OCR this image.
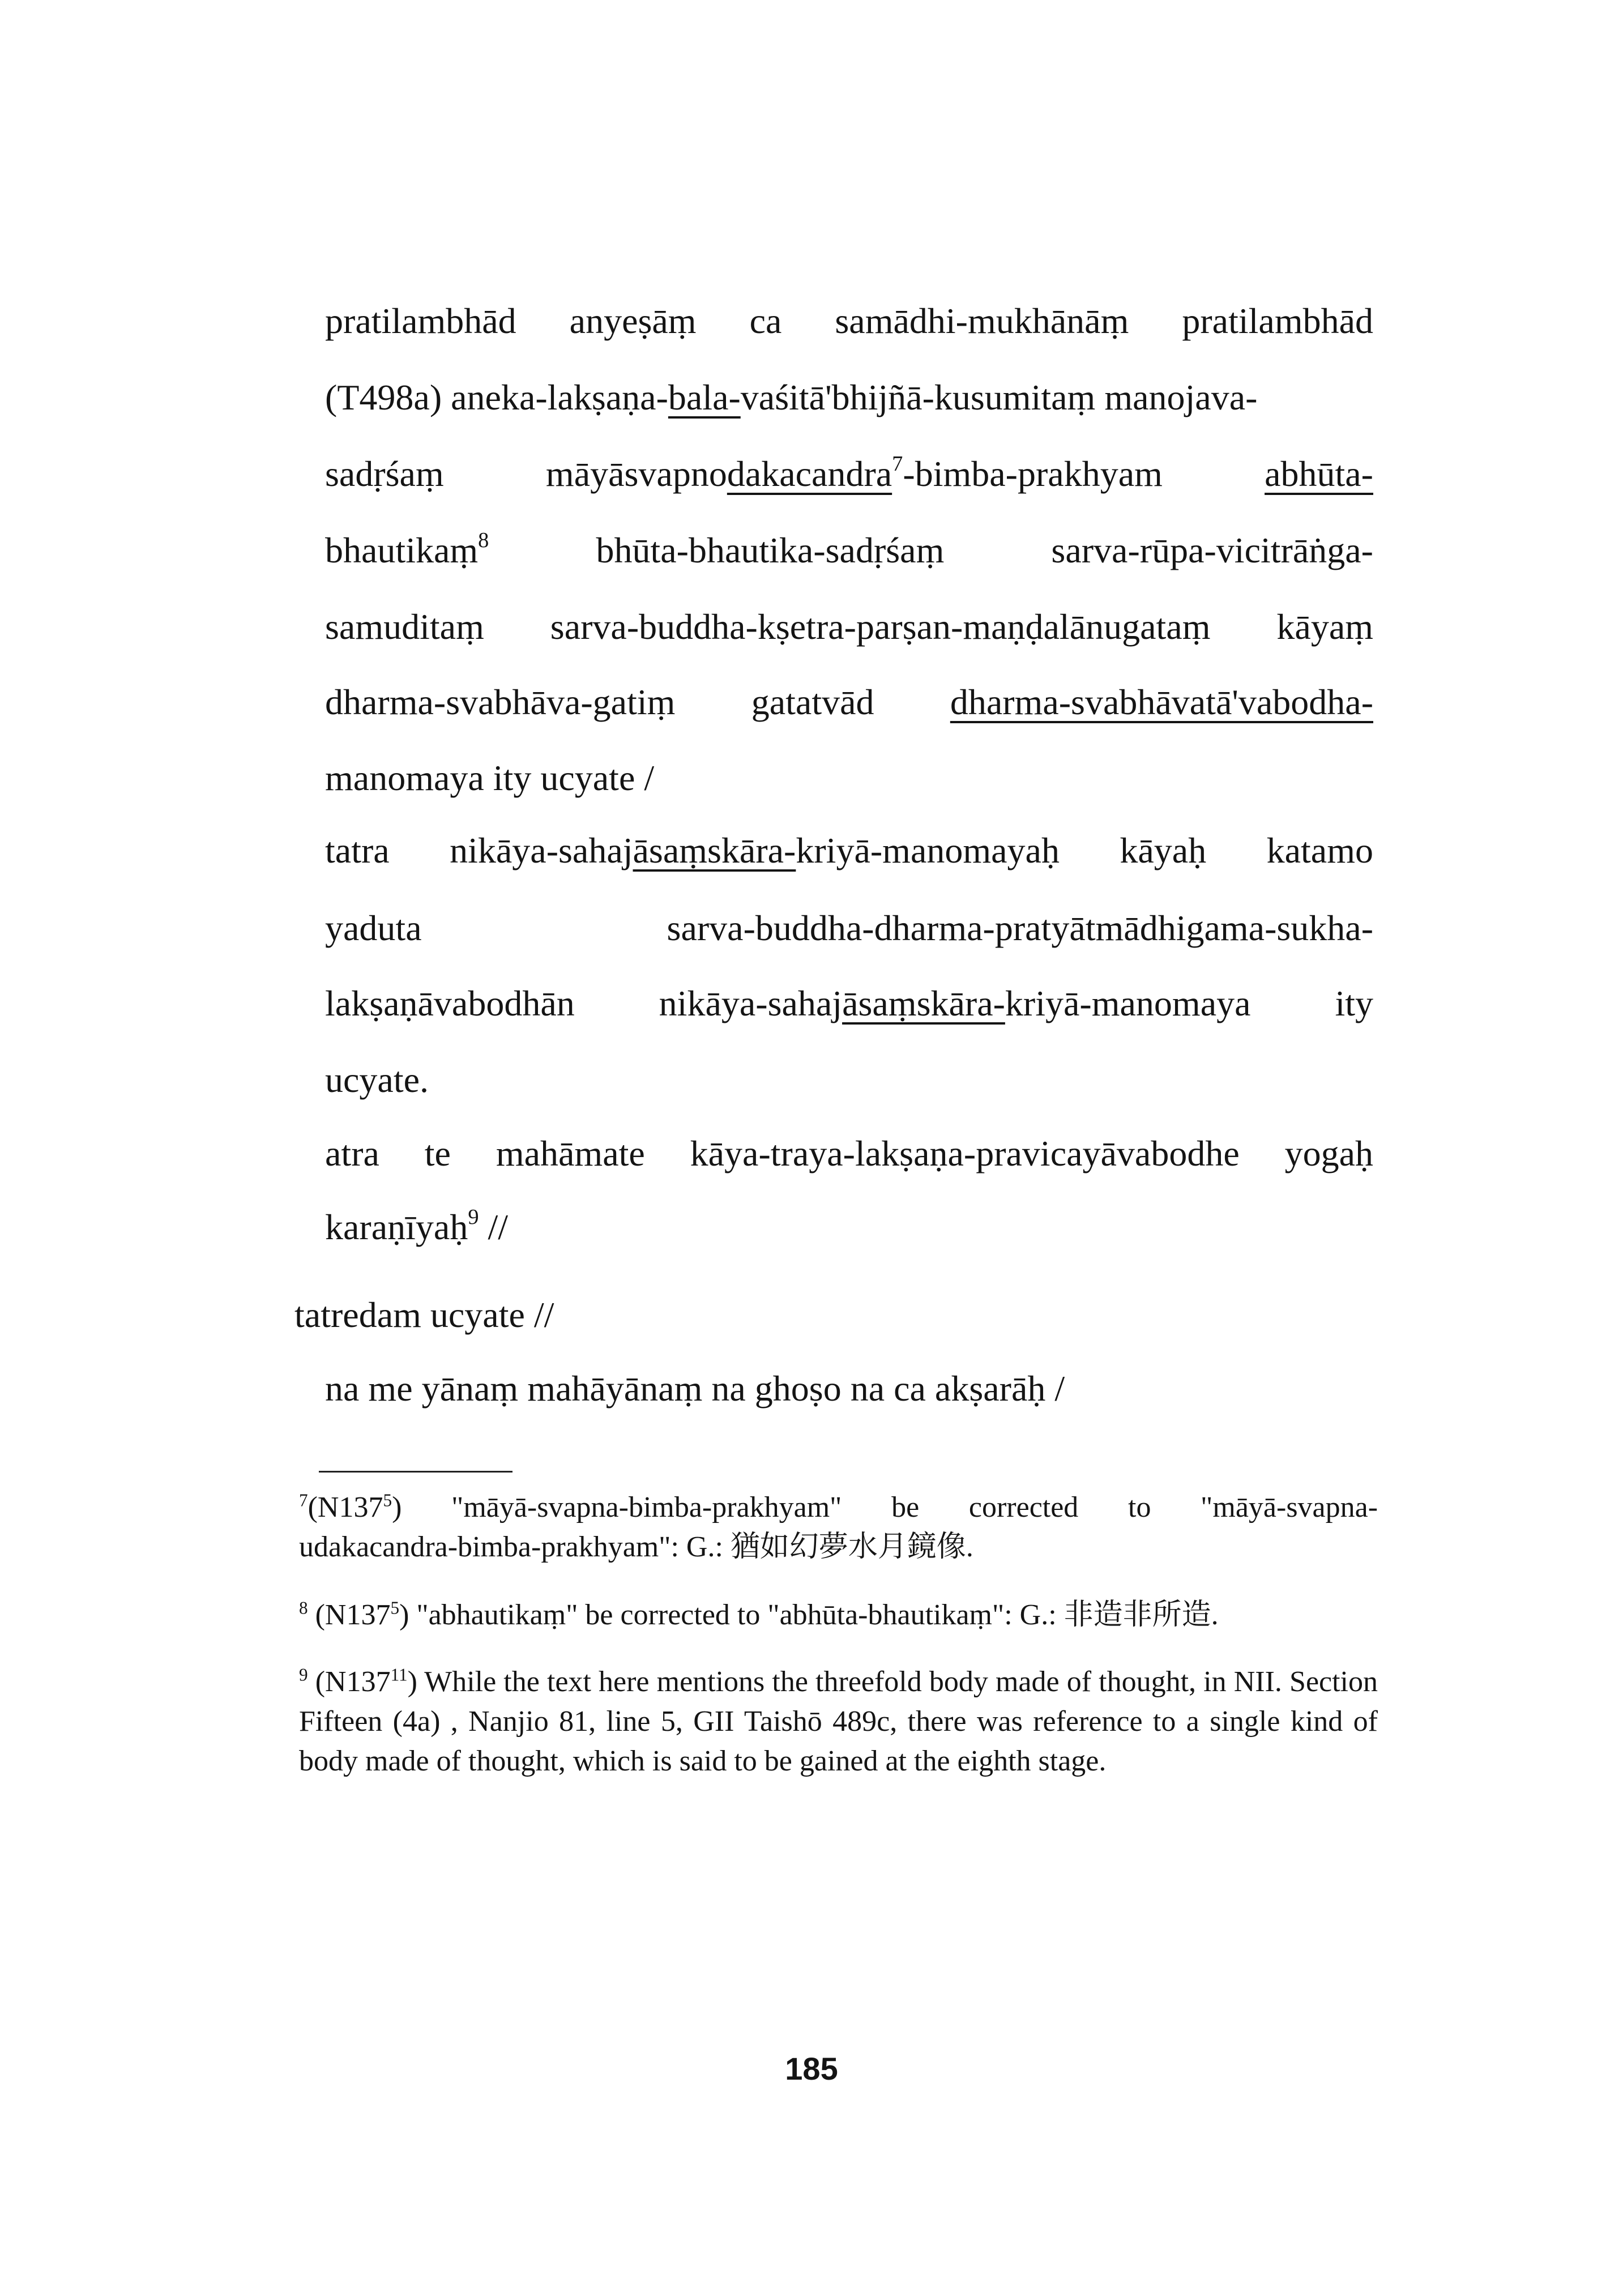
pratilambhād anyeṣāṃ ca samādhi-mukhānāṃ pratilambhād
(T498a) aneka-lakṣaṇa-bala-vaśitā'bhijñā-kusumitaṃ manojava-
sadṛśaṃ	māyāsvapnodakacandra$^7$-bimba-prakhyam	abhūta-
bhautikaṃ$^8$	bhūta-bhautika-sadṛśaṃ	sarva-rūpa-vicitrāṅga-
samuditaṃ sarva-buddha-kṣetra-parṣan-maṇḍalānugataṃ kāyaṃ
dharma-svabhāva-gatiṃ gatatvād dharma-svabhāvatā'vabodha-
manomaya ity ucyate /
tatra nikāya-sahajāsaṃskāra-kriyā-manomayaḥ kāyaḥ katamo
yaduta	sarva-buddha-dharma-pratyātmādhigama-sukha-
lakṣaṇāvabodhān nikāya-sahajāsaṃskāra-kriyā-manomaya ity
ucyate.
atra te mahāmate kāya-traya-lakṣaṇa-pravicayāvabodhe yogaḥ
karaṇīyaḥ$^9$ //
tatredam ucyate //
na me yānaṃ mahāyānaṃ na ghoṣo na ca akṣarāḥ /
$^7$(N137$^5$) "māyā-svapna-bimba-prakhyam" be corrected to "māyā-svapna-
udakacandra-bimba-prakhyam": G.: 猶如幻夢水月鏡像.
$^8$ (N137$^5$) "abhautikaṃ" be corrected to "abhūta-bhautikaṃ": G.: 非造非所造.
$^9$ (N137$^{11}$) While the text here mentions the threefold body made of thought, in NII. Section Fifteen (4a) , Nanjio 81, line 5, GII Taishō 489c, there was reference to a single kind of body made of thought, which is said to be gained at the eighth stage.
185
